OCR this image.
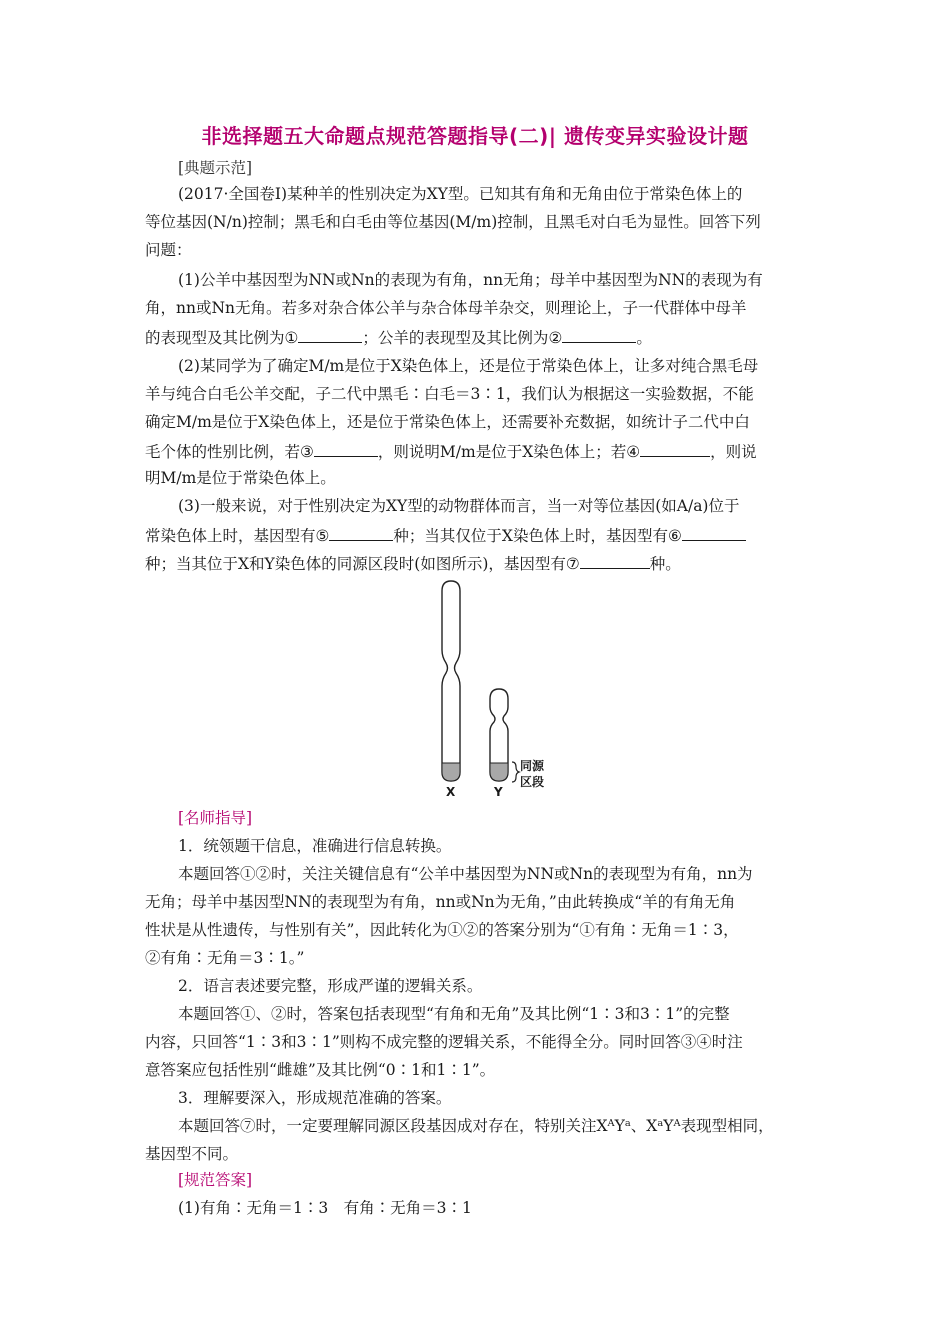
非选择题五大命题点规范答题指导(二)| 遗传变异实验设计题
[典题示范]
(2017·全国卷Ⅰ)某种羊的性别决定为XY型。已知其有角和无角由位于常染色体上的
等位基因(N/n)控制；黑毛和白毛由等位基因(M/m)控制，且黑毛对白毛为显性。回答下列
问题：
(1)公羊中基因型为NN或Nn的表现为有角，nn无角；母羊中基因型为NN的表现为有
角，nn或Nn无角。若多对杂合体公羊与杂合体母羊杂交，则理论上，子一代群体中母羊
的表现型及其比例为①	；公羊的表现型及其比例为②	。
(2)某同学为了确定M/m是位于X染色体上，还是位于常染色体上，让多对纯合黑毛母
羊与纯合白毛公羊交配，子二代中黑毛∶白毛＝3∶1，我们认为根据这一实验数据，不能
确定M/m是位于X染色体上，还是位于常染色体上，还需要补充数据，如统计子二代中白
毛个体的性别比例，若③	，则说明M/m是位于X染色体上；若④	，则说
明M/m是位于常染色体上。
(3)一般来说，对于性别决定为XY型的动物群体而言，当一对等位基因(如A/a)位于
常染色体上时，基因型有⑤	种；当其仅位于X染色体上时，基因型有⑥
种；当其位于X和Y染色体的同源区段时(如图所示)，基因型有⑦	种。
X	Y
同源
区段
[名师指导]
1．统领题干信息，准确进行信息转换。
本题回答①②时，关注关键信息有“公羊中基因型为NN或Nn的表现型为有角，nn为
无角；母羊中基因型NN的表现型为有角，nn或Nn为无角，”由此转换成“羊的有角无角
性状是从性遗传，与性别有关”，因此转化为①②的答案分别为“①有角∶无角＝1∶3，
②有角∶无角＝3∶1。”
2．语言表述要完整，形成严谨的逻辑关系。
本题回答①、②时，答案包括表现型“有角和无角”及其比例“1∶3和3∶1”的完整
内容，只回答“1∶3和3∶1”则构不成完整的逻辑关系，不能得全分。同时回答③④时注
意答案应包括性别“雌雄”及其比例“0∶1和1∶1”。
3．理解要深入，形成规范准确的答案。
本题回答⑦时，一定要理解同源区段基因成对存在，特别关注XᴬYᵃ、XᵃYᴬ表现型相同，
基因型不同。
[规范答案]
(1)有角∶无角＝1∶3　有角∶无角＝3∶1
